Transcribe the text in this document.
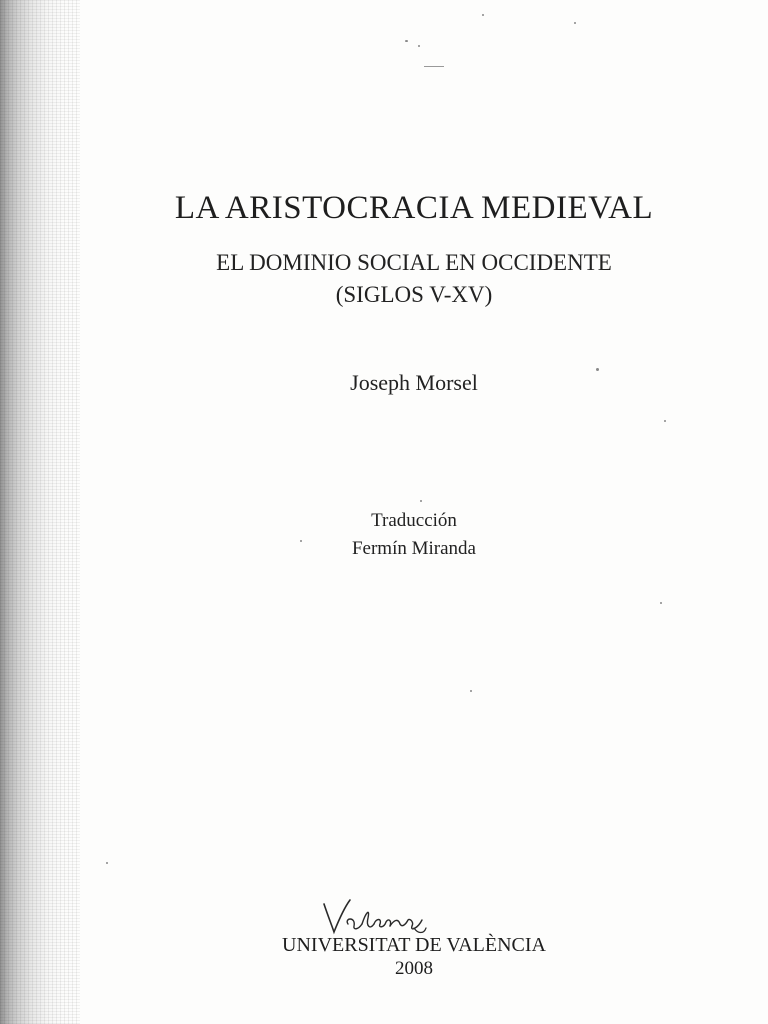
LA ARISTOCRACIA MEDIEVAL
EL DOMINIO SOCIAL EN OCCIDENTE
(SIGLOS V-XV)
Joseph Morsel
Traducción
Fermín Miranda
UNIVERSITAT DE VALÈNCIA
2008
